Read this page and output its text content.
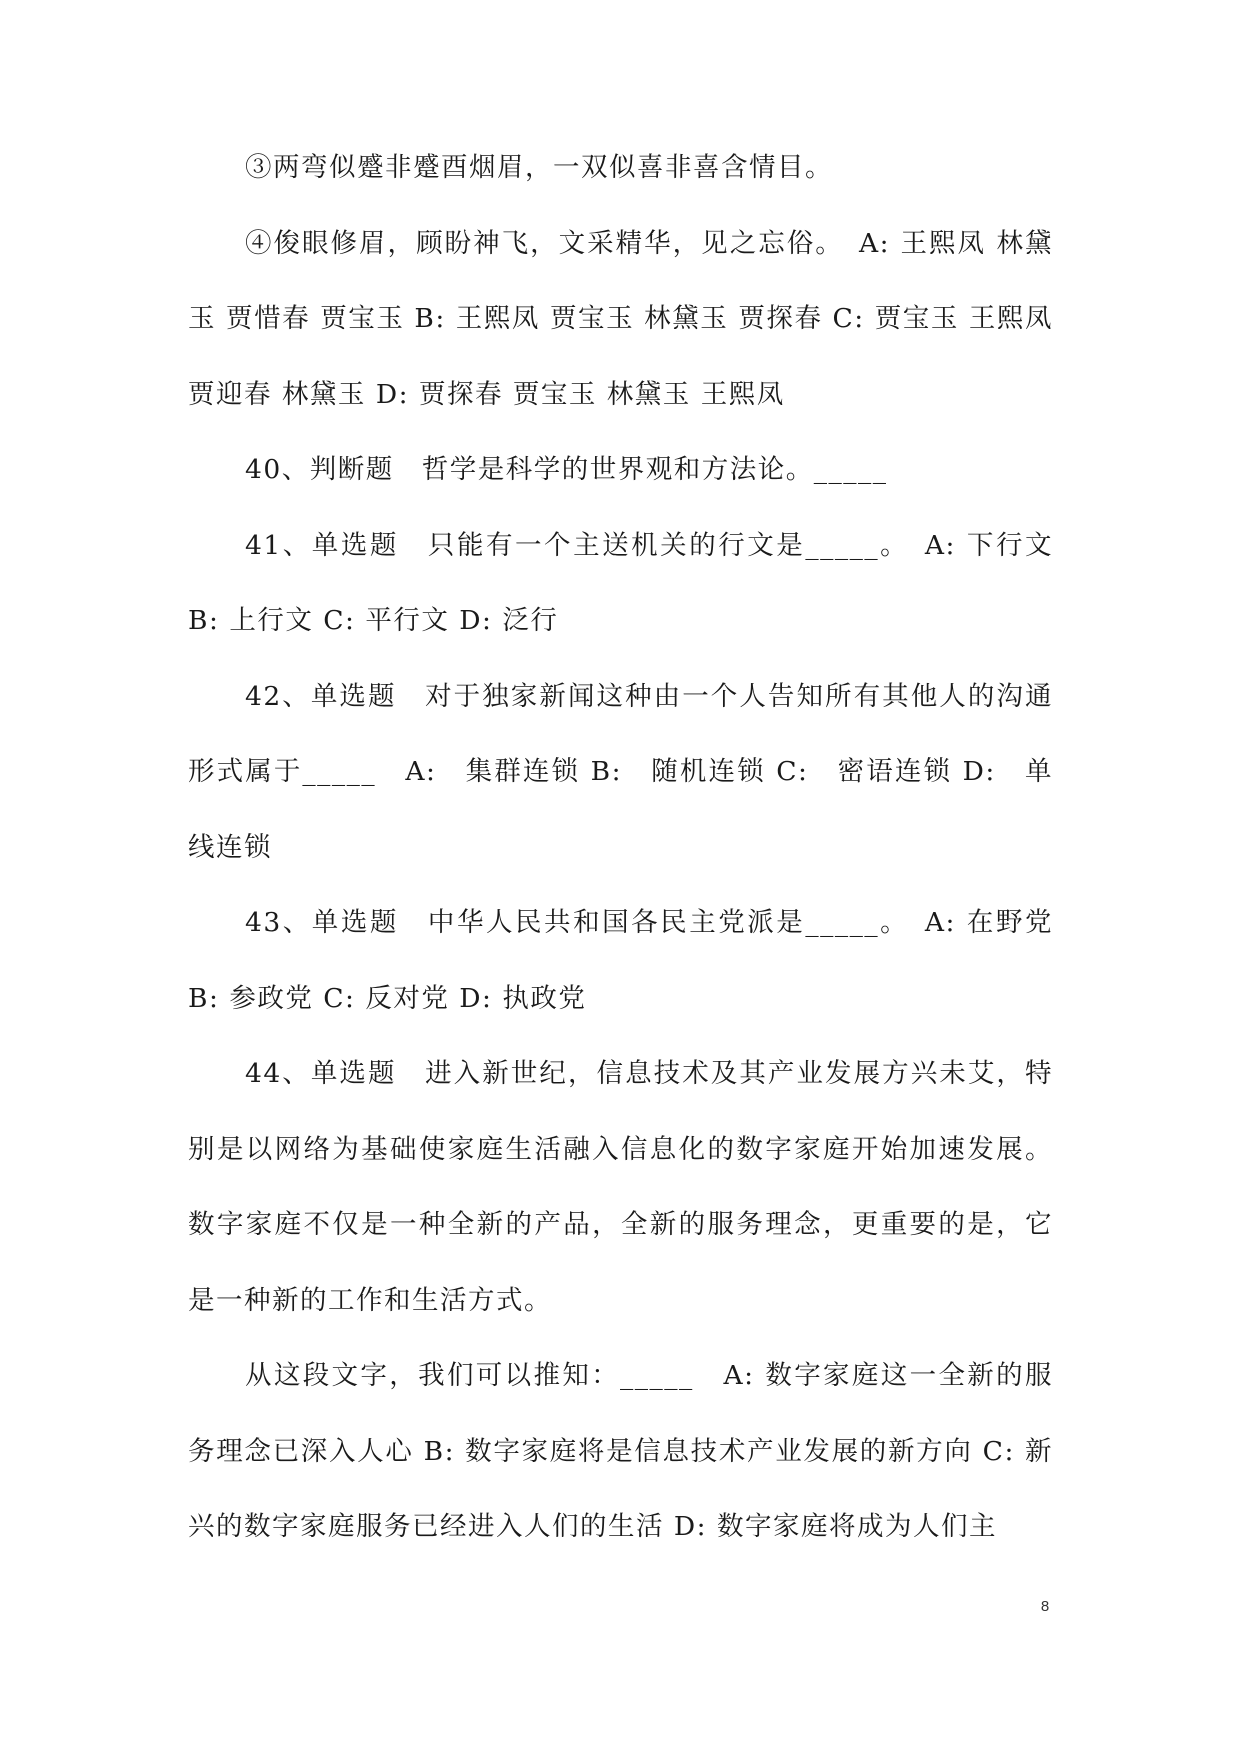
③两弯似蹙非蹙酉烟眉，一双似喜非喜含情目。

④俊眼修眉，顾盼神飞，文采精华，见之忘俗。　A: 王熙凤 林黛玉 贾惜春 贾宝玉 B: 王熙凤 贾宝玉 林黛玉 贾探春 C: 贾宝玉 王熙凤 贾迎春 林黛玉 D: 贾探春 贾宝玉 林黛玉 王熙凤

40、判断题　哲学是科学的世界观和方法论。_____

41、单选题　只能有一个主送机关的行文是_____。　A: 下行文 B: 上行文 C: 平行文 D: 泛行

42、单选题　对于独家新闻这种由一个人告知所有其他人的沟通形式属于_____　A:　集群连锁 B:　随机连锁 C:　密语连锁 D:　单线连锁

43、单选题　中华人民共和国各民主党派是_____。　A: 在野党 B: 参政党 C: 反对党 D: 执政党

44、单选题　进入新世纪，信息技术及其产业发展方兴未艾，特别是以网络为基础使家庭生活融入信息化的数字家庭开始加速发展。数字家庭不仅是一种全新的产品，全新的服务理念，更重要的是，它是一种新的工作和生活方式。

从这段文字，我们可以推知：_____　A: 数字家庭这一全新的服务理念已深入人心 B: 数字家庭将是信息技术产业发展的新方向 C: 新兴的数字家庭服务已经进入人们的生活 D: 数字家庭将成为人们主

8
